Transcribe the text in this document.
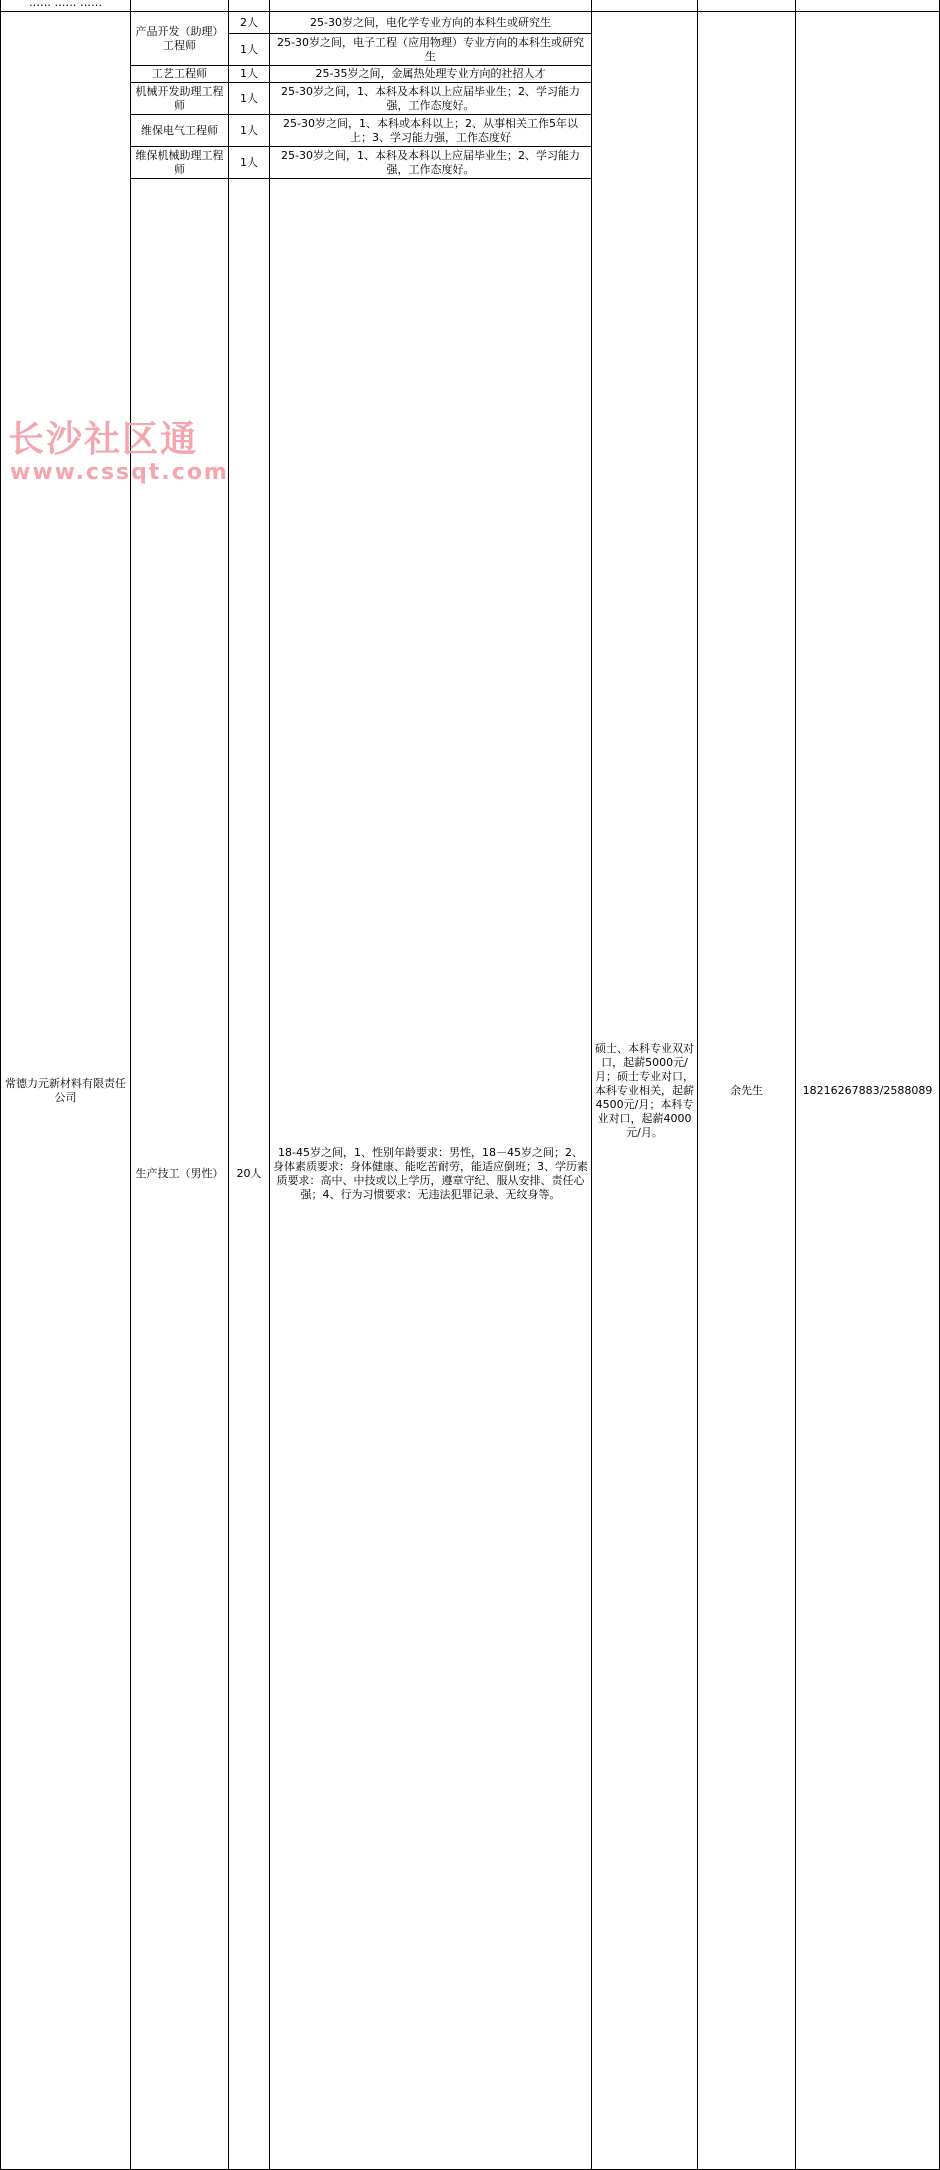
…… …… ……							
常德力元新材料有限责任公司	产品开发（助理）工程师	2人	25-30岁之间，电化学专业方向的本科生或研究生	硕士、本科专业双对口，起薪5000元/月；硕士专业对口，本科专业相关，起薪4500元/月；本科专业对口，起薪4000元/月。	余先生	18216267883/2588089	
		1人	25-30岁之间，电子工程（应用物理）专业方向的本科生或研究生				
	工艺工程师	1人	25-35岁之间，金属热处理专业方向的社招人才				
	机械开发助理工程师	1人	25-30岁之间，1、本科及本科以上应届毕业生；2、学习能力强，工作态度好。				
	维保电气工程师	1人	25-30岁之间，1、本科或本科以上；2、从事相关工作5年以上；3、学习能力强，工作态度好				
	维保机械助理工程师	1人	25-30岁之间，1、本科及本科以上应届毕业生；2、学习能力强，工作态度好。				
	生产技工（男性）	20人	18-45岁之间，1、性别年龄要求：男性，18－45岁之间；2、身体素质要求：身体健康、能吃苦耐劳，能适应倒班；3、学历素质要求：高中、中技或以上学历，遵章守纪、服从安排、责任心强；4、行为习惯要求：无违法犯罪记录、无纹身等。	
长沙社区通
www.cssqt.com
